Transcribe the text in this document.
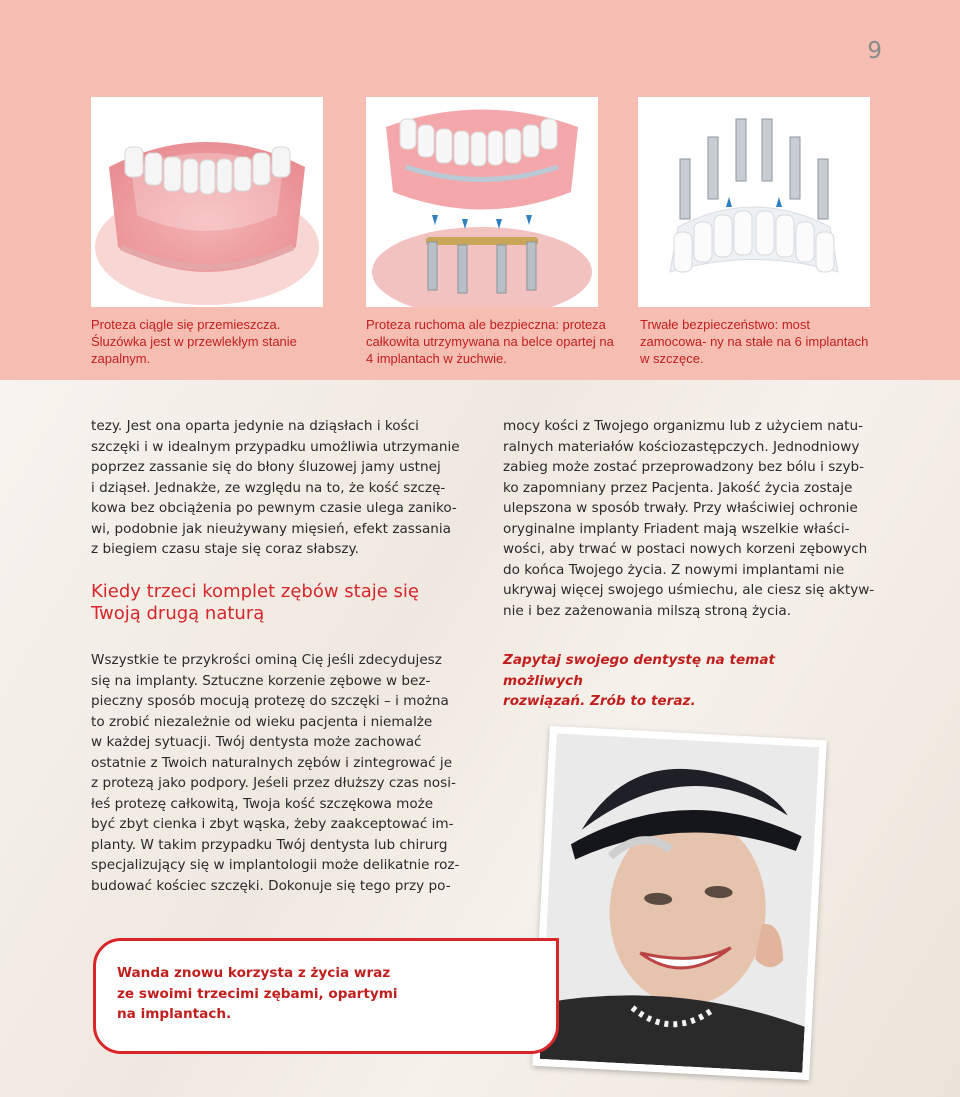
9
Proteza ciągle się przemieszcza. Śluzówka jest w przewlekłym stanie zapalnym.
Proteza ruchoma ale bezpieczna: proteza całkowita utrzymywana na belce opartej na 4 implantach w żuchwie.
Trwałe bezpieczeństwo: most zamocowa- ny na stałe na 6 implantach w szczęce.
tezy. Jest ona oparta jedynie na dziąsłach i kości
szczęki i w idealnym przypadku umożliwia utrzymanie
poprzez zassanie się do błony śluzowej jamy ustnej
i dziąseł. Jednakże, ze względu na to, że kość szczę-
kowa bez obciążenia po pewnym czasie ulega zaniko-
wi, podobnie jak nieużywany mięsień, efekt zassania
z biegiem czasu staje się coraz słabszy.
Kiedy trzeci komplet zębów staje się
Twoją drugą naturą
Wszystkie te przykrości ominą Cię jeśli zdecydujesz
się na implanty. Sztuczne korzenie zębowe w bez-
pieczny sposób mocują protezę do szczęki – i można
to zrobić niezależnie od wieku pacjenta i niemalże
w każdej sytuacji. Twój dentysta może zachować
ostatnie z Twoich naturalnych zębów i zintegrować je
z protezą jako podpory. Jeśeli przez dłuższy czas nosi-
łeś protezę całkowitą, Twoja kość szczękowa może
być zbyt cienka i zbyt wąska, żeby zaakceptować im-
planty. W takim przypadku Twój dentysta lub chirurg
specjalizujący się w implantologii może delikatnie roz-
budować kościec szczęki. Dokonuje się tego przy po-
mocy kości z Twojego organizmu lub z użyciem natu-
ralnych materiałów kościozastępczych. Jednodniowy
zabieg może zostać przeprowadzony bez bólu i szyb-
ko zapomniany przez Pacjenta. Jakość życia zostaje
ulepszona w sposób trwały. Przy właściwiej ochronie
oryginalne implanty Friadent mają wszelkie właści-
wości, aby trwać w postaci nowych korzeni zębowych
do końca Twojego życia. Z nowymi implantami nie
ukrywaj więcej swojego uśmiechu, ale ciesz się aktyw-
nie i bez zażenowania milszą stroną życia.
Zapytaj swojego dentystę na temat możliwych
rozwiązań. Zrób to teraz.
Wanda znowu korzysta z życia wraz
ze swoimi trzecimi zębami, opartymi
na implantach.
